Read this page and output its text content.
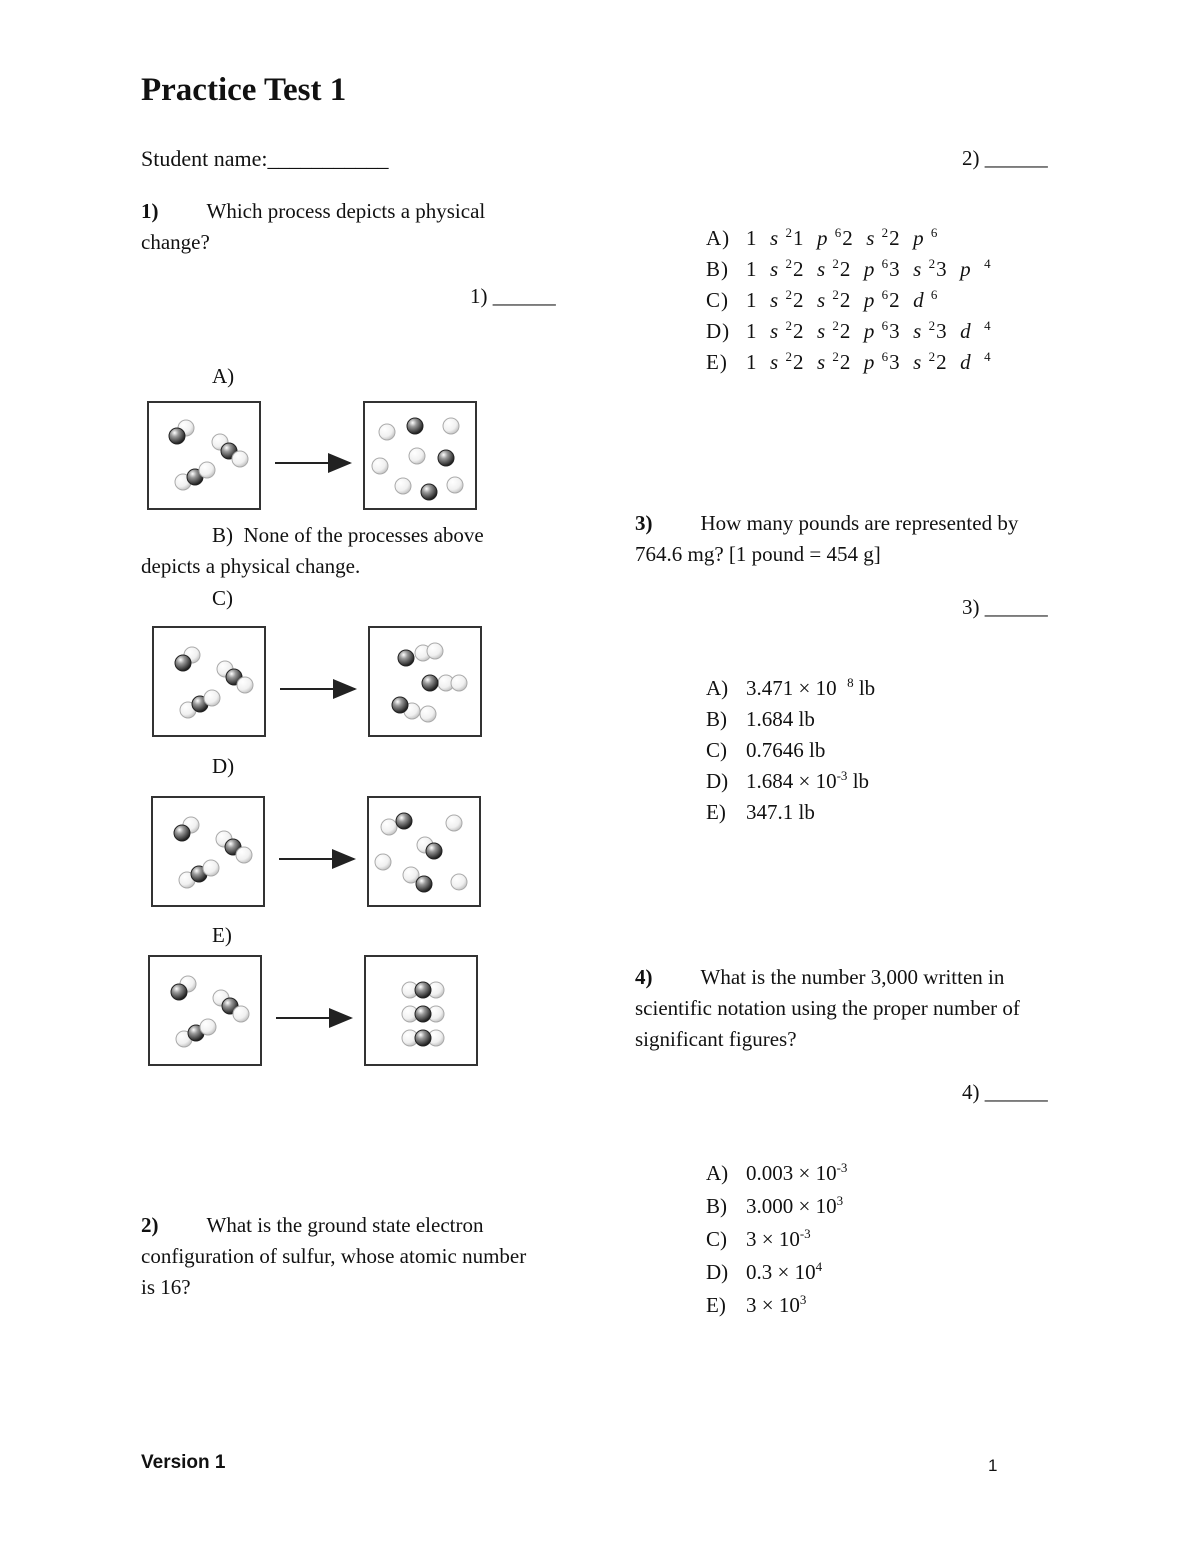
Practice Test 1
Student name:___________
1) Which process depicts a physical change?
1) ______
A)
B) None of the processes above depicts a physical change.
C)
D)
E)
2) What is the ground state electron configuration of sulfur, whose atomic number is 16?
2) ______
A) 1  s $^2$1  p $^6$2  s $^2$2  p $^6$
B) 1  s $^2$2  s $^2$2  p $^6$3  s $^2$3  p $^4$
C) 1  s $^2$2  s $^2$2  p $^6$2  d $^6$
D) 1  s $^2$2  s $^2$2  p $^6$3  s $^2$3  d $^4$
E) 1  s $^2$2  s $^2$2  p $^6$3  s $^2$2  d $^4$
3) How many pounds are represented by 764.6 mg? [1 pound = 454 g]
3) ______
A) 3.471 × 10  $^8$ lb
B) 1.684 lb
C) 0.7646 lb
D) $1.684 \times 10^{-3}$ lb
E) 347.1 lb
4) What is the number 3,000 written in scientific notation using the proper number of significant figures?
4) ______
A) $0.003 \times 10^{-3}$
B) $3.000 \times 10^3$
C) $3 \times 10^{-3}$
D) $0.3 \times 10^4$
E) $3 \times 10^3$
Version 1	1
